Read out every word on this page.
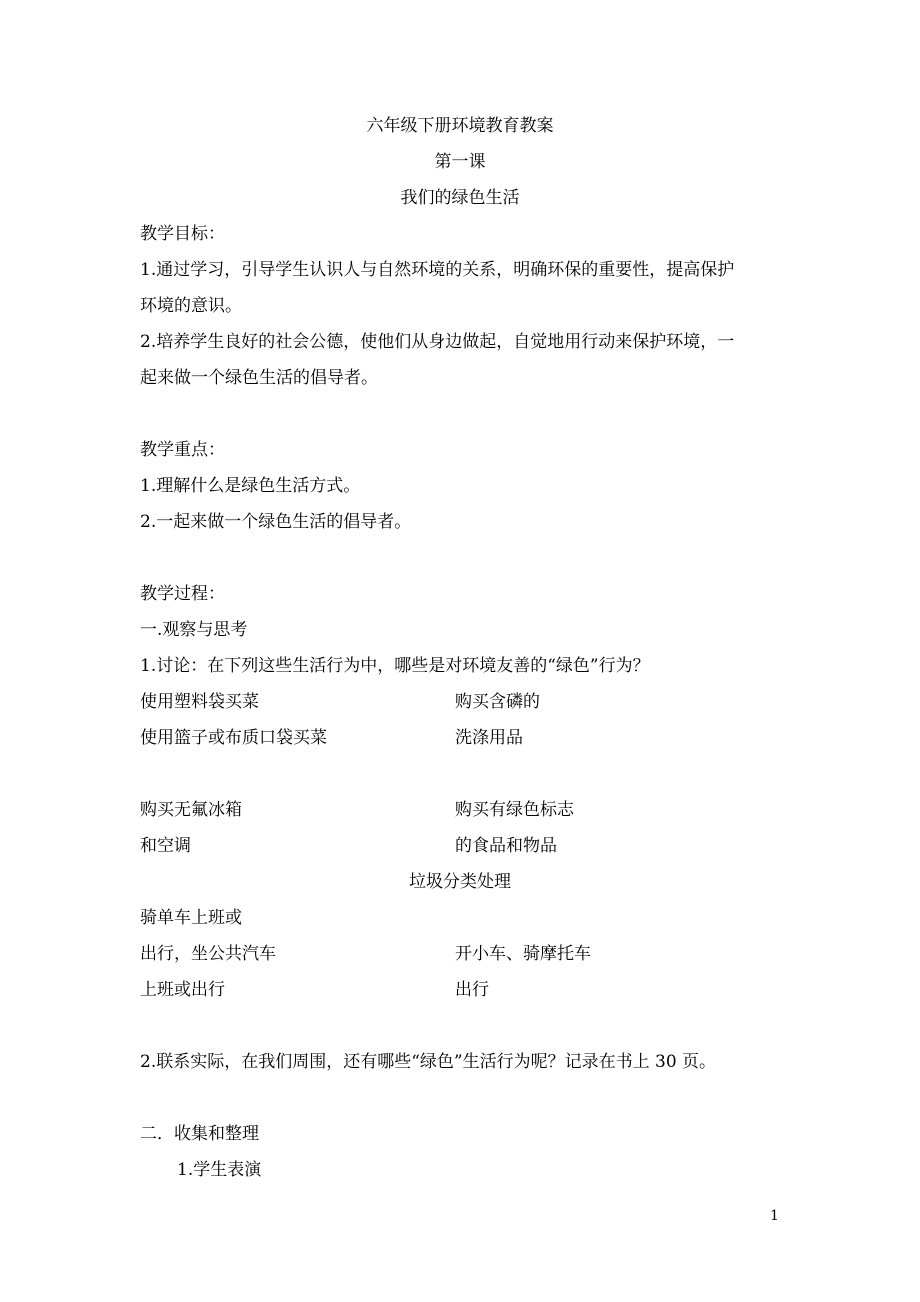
六年级下册环境教育教案
第一课
我们的绿色生活
教学目标：
1.通过学习，引导学生认识人与自然环境的关系，明确环保的重要性，提高保护
环境的意识。
2.培养学生良好的社会公德，使他们从身边做起，自觉地用行动来保护环境，一
起来做一个绿色生活的倡导者。
教学重点：
1.理解什么是绿色生活方式。
2.一起来做一个绿色生活的倡导者。
教学过程：
一.观察与思考
1.讨论：在下列这些生活行为中，哪些是对环境友善的“绿色”行为？
使用塑料袋买菜	购买含磷的
使用篮子或布质口袋买菜	洗涤用品
购买无氟冰箱	购买有绿色标志
和空调	的食品和物品
垃圾分类处理
骑单车上班或
出行，坐公共汽车	开小车、骑摩托车
上班或出行	出行
2.联系实际，在我们周围，还有哪些“绿色”生活行为呢？记录在书上 30 页。
二．收集和整理
1.学生表演
1
